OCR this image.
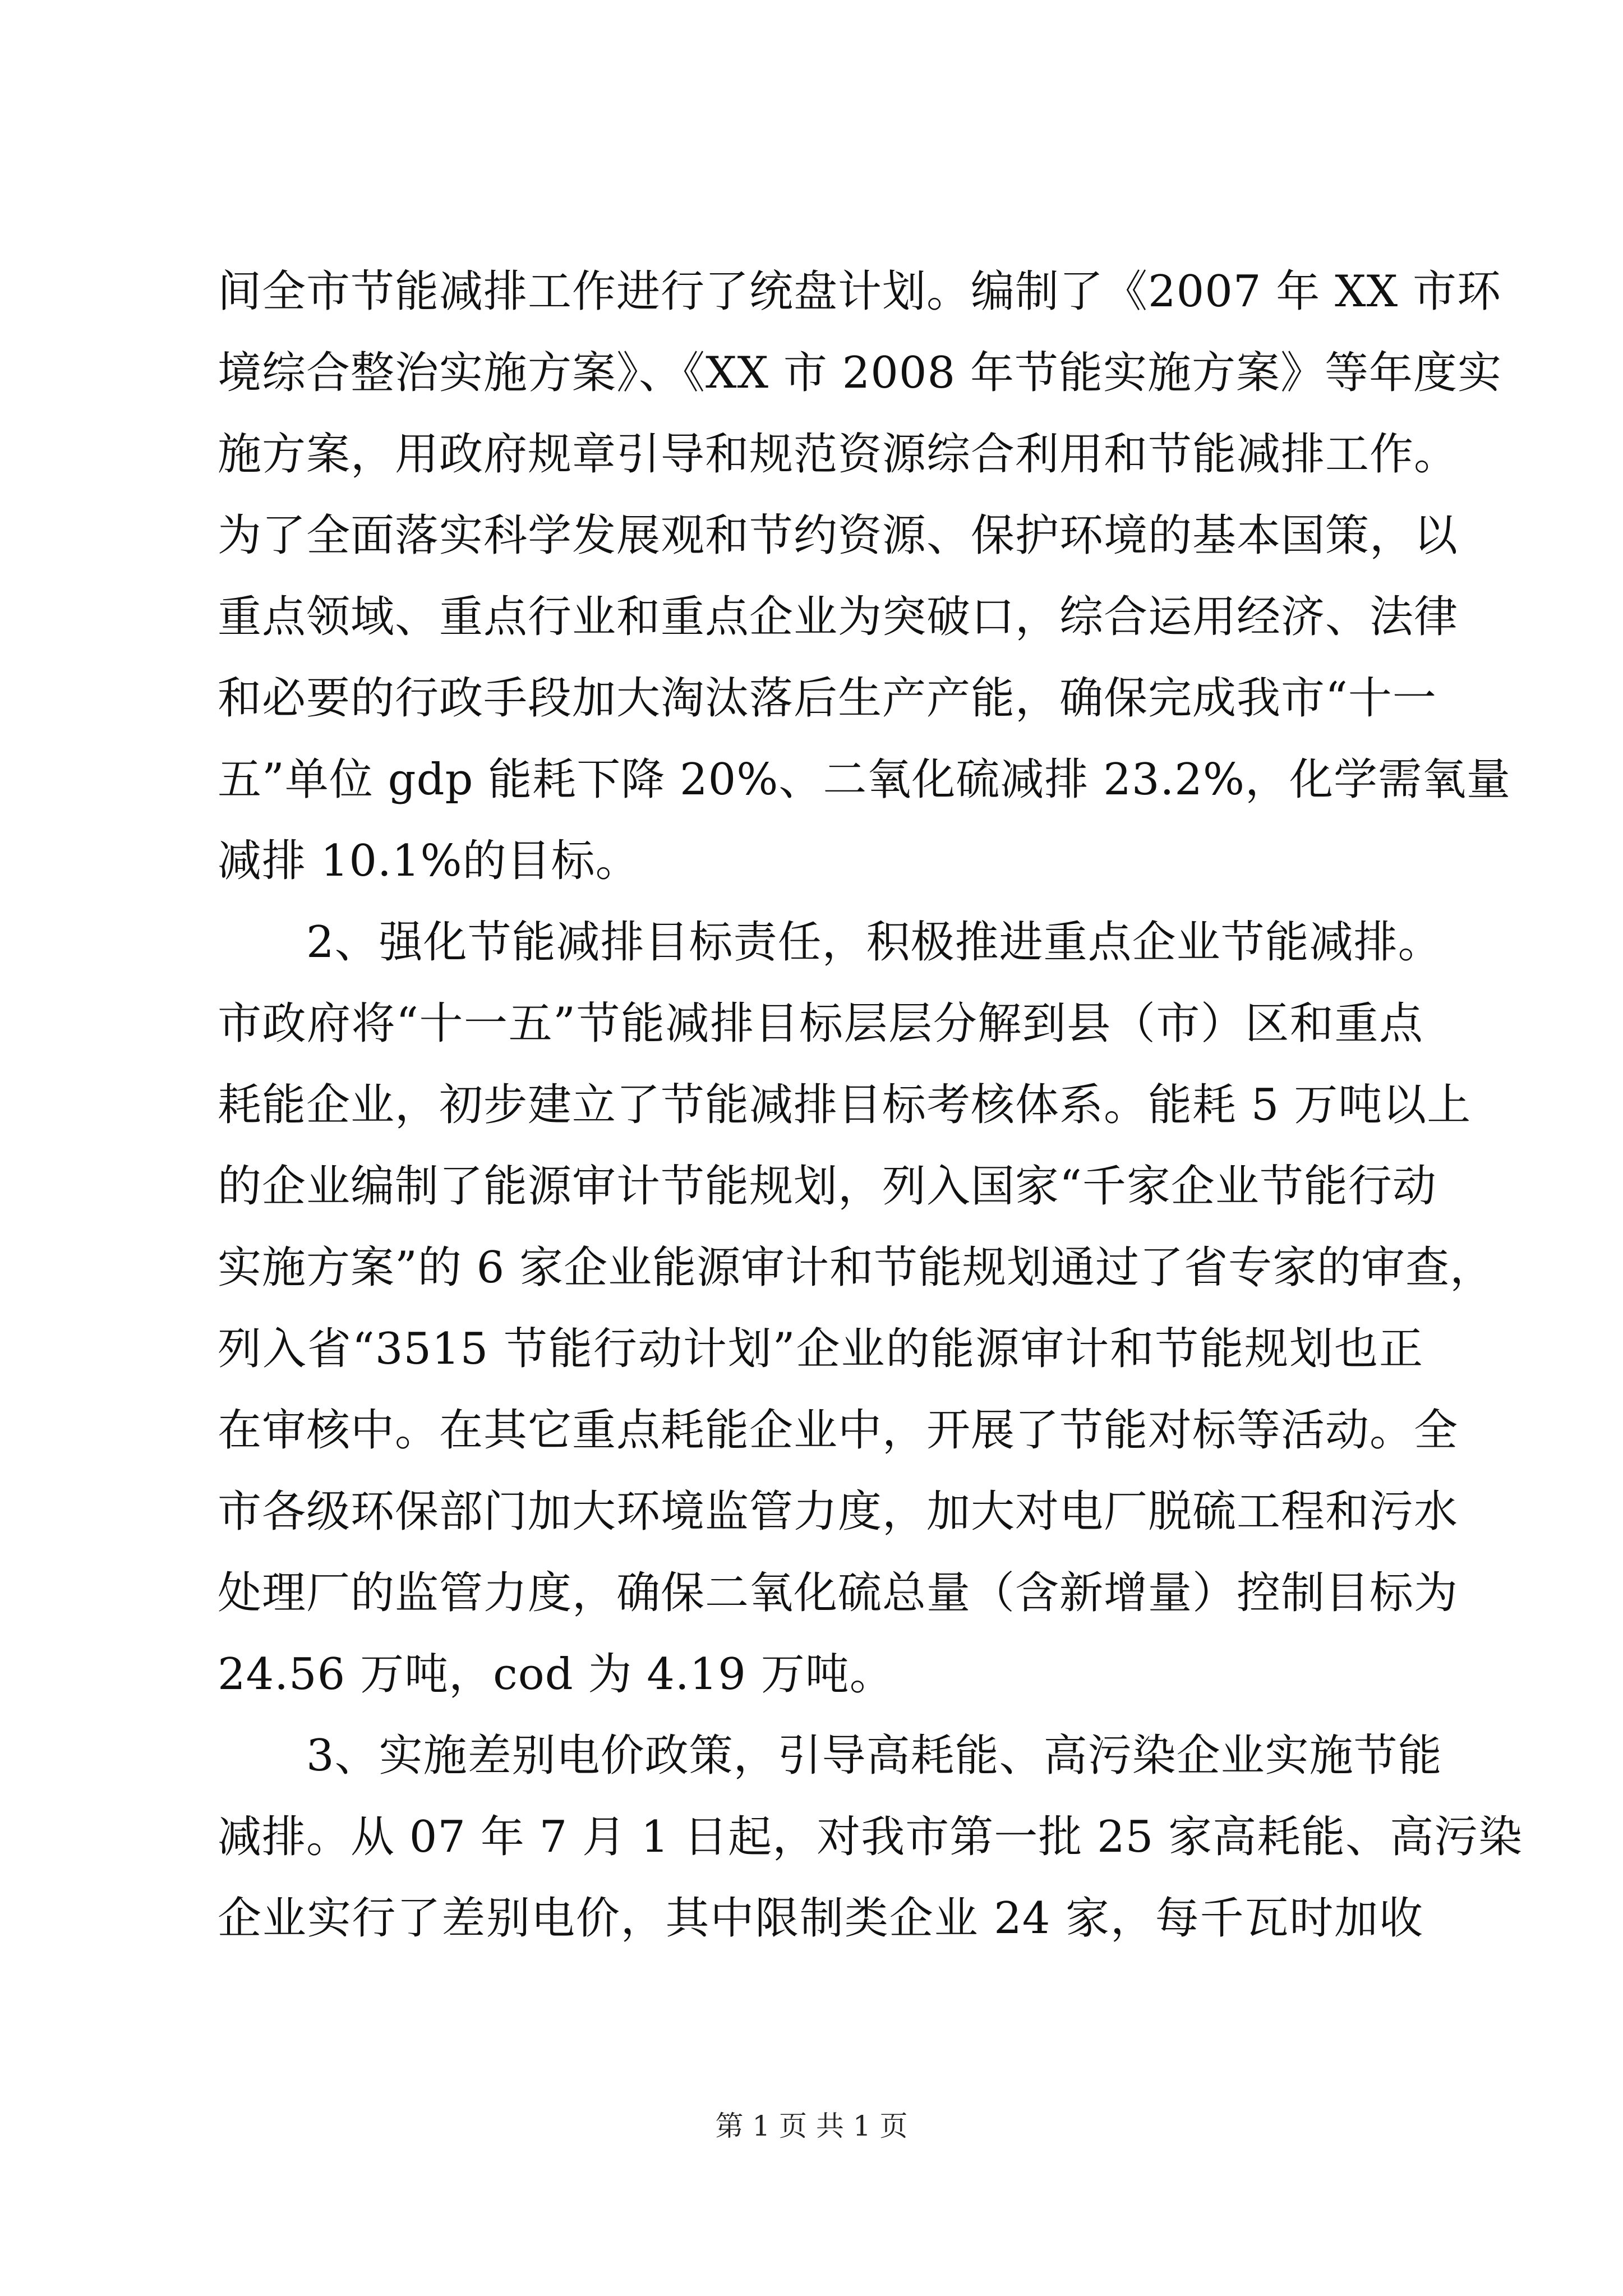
间全市节能减排工作进行了统盘计划。编制了《2007 年 XX 市环
境综合整治实施方案》、《XX 市 2008 年节能实施方案》等年度实
施方案，用政府规章引导和规范资源综合利用和节能减排工作。
为了全面落实科学发展观和节约资源、保护环境的基本国策，以
重点领域、重点行业和重点企业为突破口，综合运用经济、法律
和必要的行政手段加大淘汰落后生产产能，确保完成我市“十一
五”单位 gdp 能耗下降 20%、二氧化硫减排 23.2%，化学需氧量
减排 10.1%的目标。
　　2、强化节能减排目标责任，积极推进重点企业节能减排。
市政府将“十一五”节能减排目标层层分解到县（市）区和重点
耗能企业，初步建立了节能减排目标考核体系。能耗 5 万吨以上
的企业编制了能源审计节能规划，列入国家“千家企业节能行动
实施方案”的 6 家企业能源审计和节能规划通过了省专家的审查，
列入省“3515 节能行动计划”企业的能源审计和节能规划也正
在审核中。在其它重点耗能企业中，开展了节能对标等活动。全
市各级环保部门加大环境监管力度，加大对电厂脱硫工程和污水
处理厂的监管力度，确保二氧化硫总量（含新增量）控制目标为
24.56 万吨，cod 为 4.19 万吨。
　　3、实施差别电价政策，引导高耗能、高污染企业实施节能
减排。从 07 年 7 月 1 日起，对我市第一批 25 家高耗能、高污染
企业实行了差别电价，其中限制类企业 24 家，每千瓦时加收
第 1 页 共 1 页
